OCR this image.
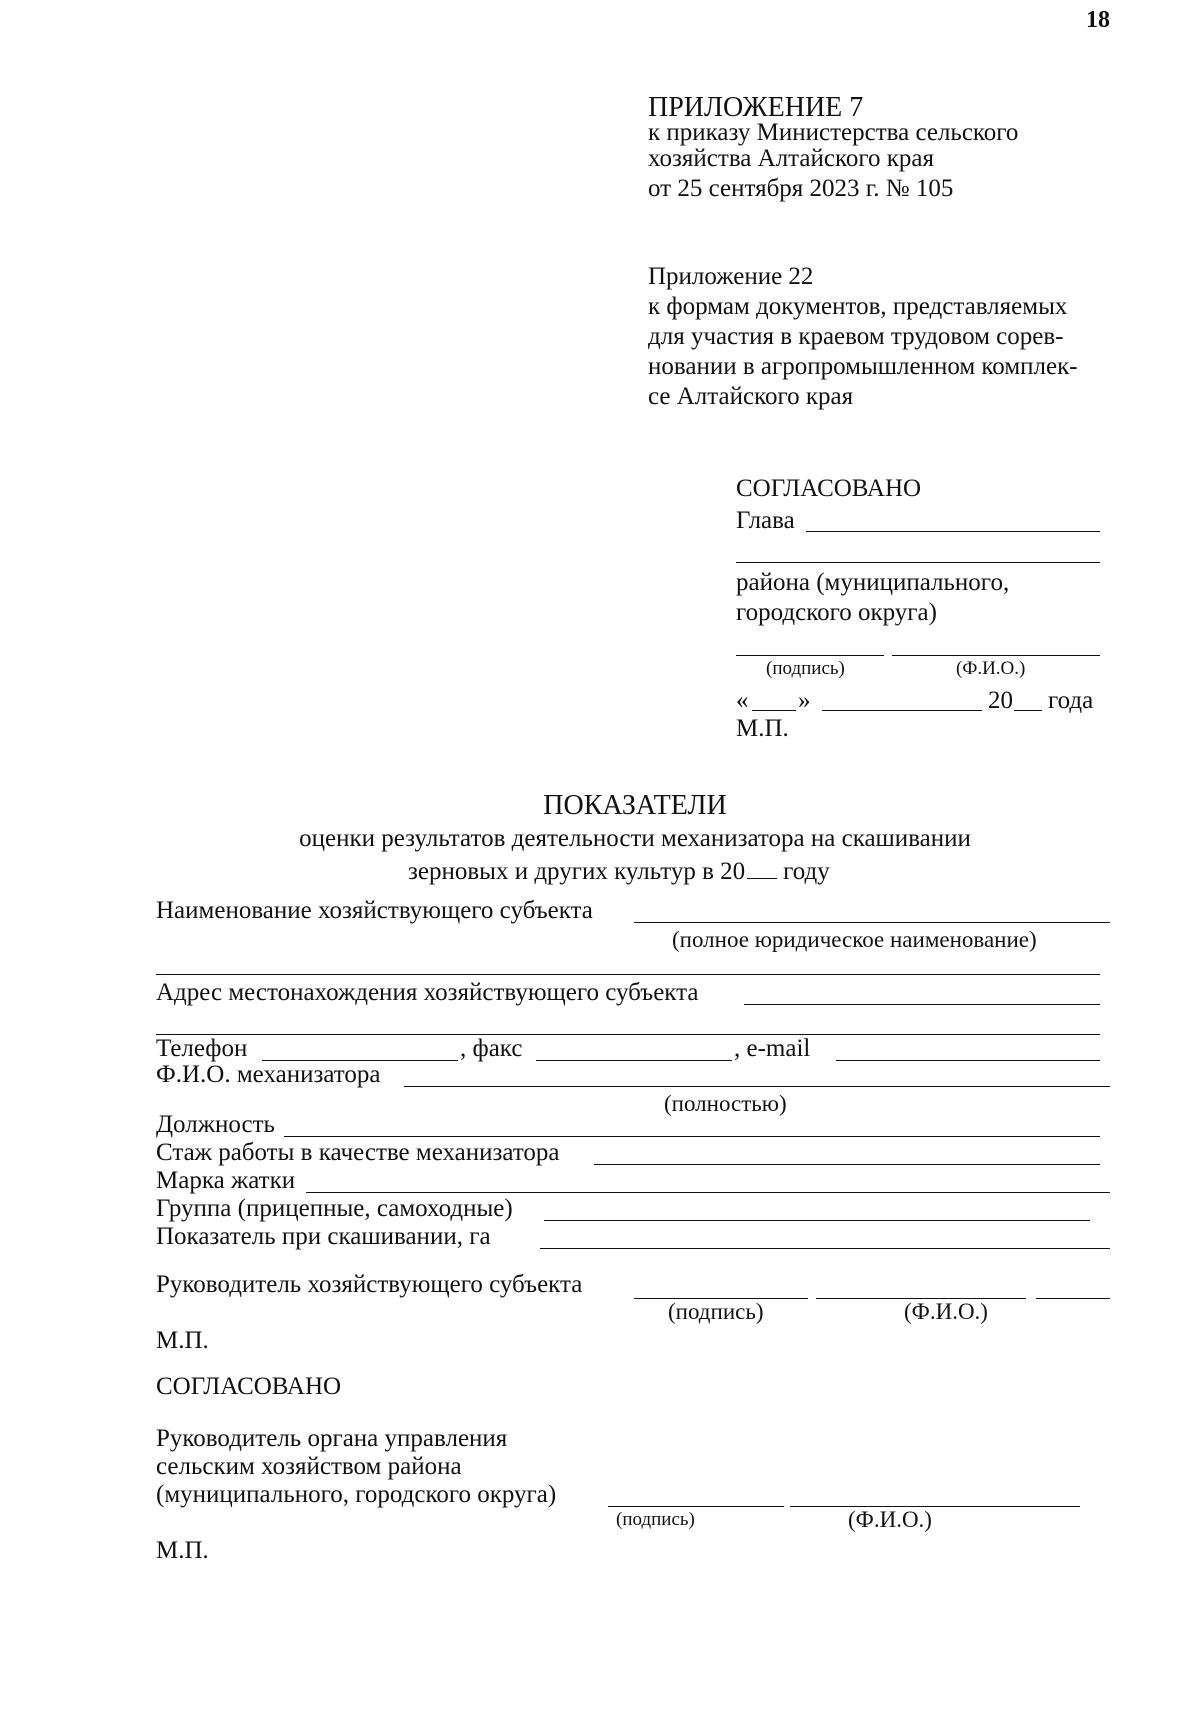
18
ПРИЛОЖЕНИЕ 7
к приказу Министерства сельского
хозяйства Алтайского края
от 25 сентября 2023 г. № 105
Приложение 22
к формам документов, представляемых
для участия в краевом трудовом сорев-
новании в агропромышленном комплек-
се Алтайского края
СОГЛАСОВАНО
Глава
района (муниципального,
городского округа)
(подпись)	(Ф.И.О.)
« »	20 года
М.П.
ПОКАЗАТЕЛИ
оценки результатов деятельности механизатора на скашивании
зерновых и других культур в 20 году
Наименование хозяйствующего субъекта
(полное юридическое наименование)
Адрес местонахождения хозяйствующего субъекта
Телефон	, факс	, e-mail
Ф.И.О. механизатора
(полностью)
Должность
Стаж работы в качестве механизатора
Марка жатки
Группа (прицепные, самоходные)
Показатель при скашивании, га
Руководитель хозяйствующего субъекта
(подпись)	(Ф.И.О.)
М.П.
СОГЛАСОВАНО
Руководитель органа управления
сельским хозяйством района
(муниципального, городского округа)
(подпись)	(Ф.И.О.)
М.П.
